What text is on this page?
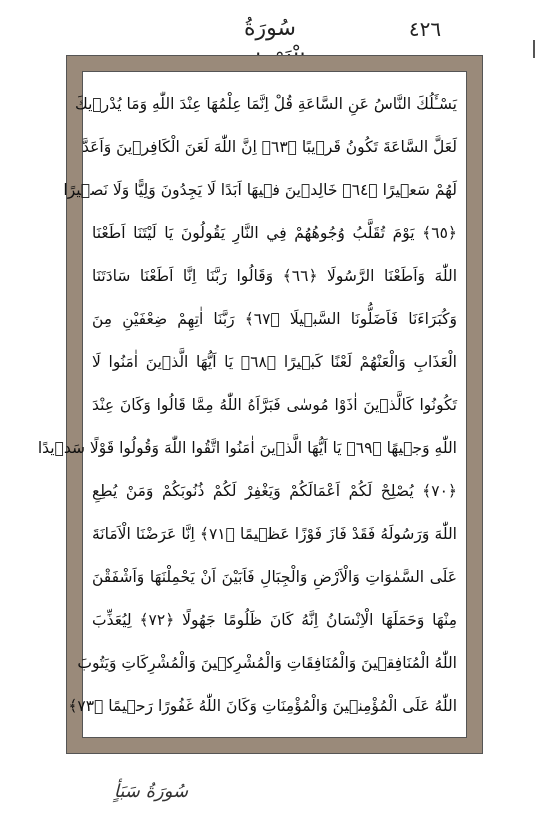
سُورَةُ	٤٢٦
يَسْـَٔلُكَ النَّاسُ عَنِ السَّاعَةِ قُلْ اِنَّمَا عِلْمُهَا عِنْدَ اللّٰهِ وَمَا يُدْرٖيكَ
لَعَلَّ السَّاعَةَ تَكُونُ قَرٖيبًا ﴿٦٣﴾ اِنَّ اللّٰهَ لَعَنَ الْكَافِرٖينَ وَاَعَدَّ
لَهُمْ سَعٖيرًا ﴿٦٤﴾ خَالِدٖينَ فٖيهَا اَبَدًا لَا يَجِدُونَ وَلِيًّا وَلَا نَصٖيرًا
﴿٦٥﴾ يَوْمَ تُقَلَّبُ وُجُوهُهُمْ فِي النَّارِ يَقُولُونَ يَا لَيْتَنَا اَطَعْنَا
اللّٰهَ وَاَطَعْنَا الرَّسُولَا ﴿٦٦﴾ وَقَالُوا رَبَّنَا اِنَّا اَطَعْنَا سَادَتَنَا
وَكُبَرَاءَنَا فَاَضَلُّونَا السَّبٖيلَا ﴿٦٧﴾ رَبَّنَا اٰتِهِمْ ضِعْفَيْنِ مِنَ
الْعَذَابِ وَالْعَنْهُمْ لَعْنًا كَبٖيرًا ﴿٦٨﴾ يَا اَيُّهَا الَّذٖينَ اٰمَنُوا لَا
تَكُونُوا كَالَّذٖينَ اٰذَوْا مُوسٰى فَبَرَّاَهُ اللّٰهُ مِمَّا قَالُوا وَكَانَ عِنْدَ
اللّٰهِ وَجٖيهًا ﴿٦٩﴾ يَا اَيُّهَا الَّذٖينَ اٰمَنُوا اتَّقُوا اللّٰهَ وَقُولُوا قَوْلًا سَدٖيدًا
﴿٧٠﴾ يُصْلِحْ لَكُمْ اَعْمَالَكُمْ وَيَغْفِرْ لَكُمْ ذُنُوبَكُمْ وَمَنْ يُطِعِ
اللّٰهَ وَرَسُولَهُ فَقَدْ فَازَ فَوْزًا عَظٖيمًا ﴿٧١﴾ اِنَّا عَرَضْنَا الْاَمَانَةَ
عَلَى السَّمٰوَاتِ وَالْاَرْضِ وَالْجِبَالِ فَاَبَيْنَ اَنْ يَحْمِلْنَهَا وَاَشْفَقْنَ
مِنْهَا وَحَمَلَهَا الْاِنْسَانُ اِنَّهُ كَانَ ظَلُومًا جَهُولًا ﴿٧٢﴾ لِيُعَذِّبَ
اللّٰهُ الْمُنَافِقٖينَ وَالْمُنَافِقَاتِ وَالْمُشْرِكٖينَ وَالْمُشْرِكَاتِ وَيَتُوبَ
اللّٰهُ عَلَى الْمُؤْمِنٖينَ وَالْمُؤْمِنَاتِ وَكَانَ اللّٰهُ غَفُورًا رَحٖيمًا ﴿٧٣﴾
سُورَةُ سَبَأٍ
